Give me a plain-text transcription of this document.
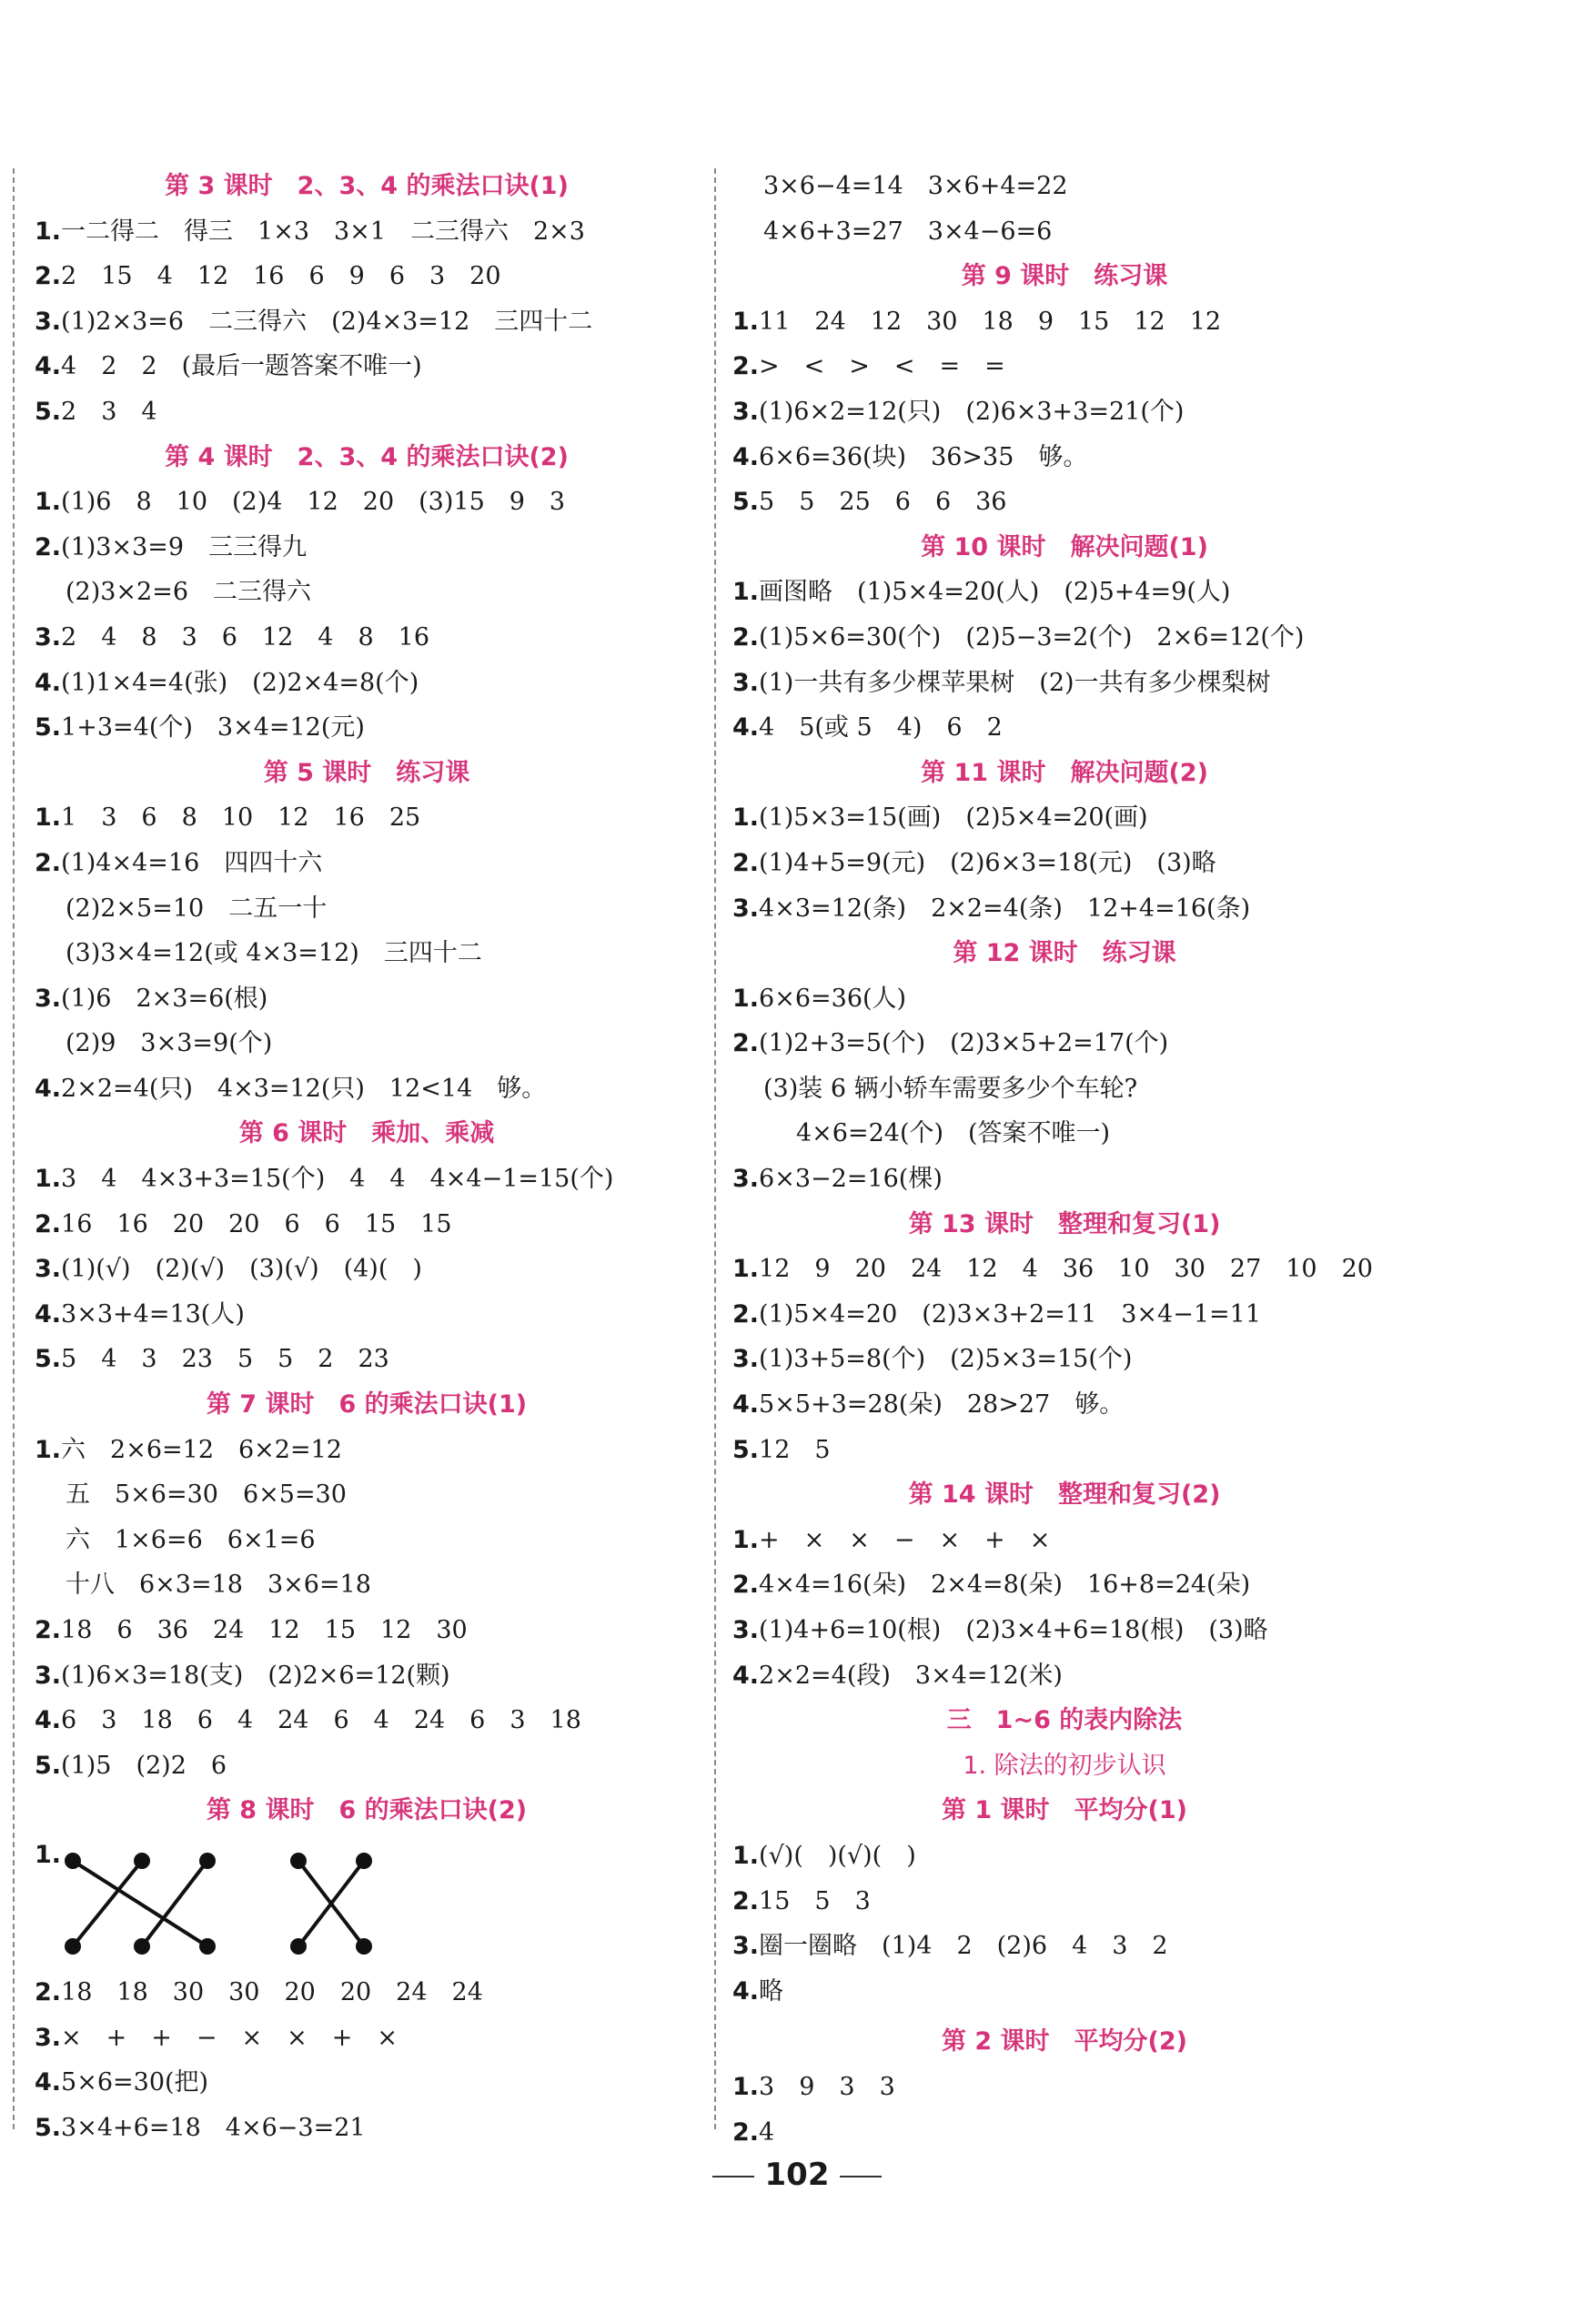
第 3 课时　2、3、4 的乘法口诀(1)
1.一二得二　得三　1×3　3×1　二三得六　2×3
2.2　15　4　12　16　6　9　6　3　20
3.(1)2×3=6　二三得六　(2)4×3=12　三四十二
4.4　2　2　(最后一题答案不唯一)
5.2　3　4
第 4 课时　2、3、4 的乘法口诀(2)
1.(1)6　8　10　(2)4　12　20　(3)15　9　3
2.(1)3×3=9　三三得九
(2)3×2=6　二三得六
3.2　4　8　3　6　12　4　8　16
4.(1)1×4=4(张)　(2)2×4=8(个)
5.1+3=4(个)　3×4=12(元)
第 5 课时　练习课
1.1　3　6　8　10　12　16　25
2.(1)4×4=16　四四十六
(2)2×5=10　二五一十
(3)3×4=12(或 4×3=12)　三四十二
3.(1)6　2×3=6(根)
(2)9　3×3=9(个)
4.2×2=4(只)　4×3=12(只)　12<14　够。
第 6 课时　乘加、乘减
1.3　4　4×3+3=15(个)　4　4　4×4−1=15(个)
2.16　16　20　20　6　6　15　15
3.(1)(√)　(2)(√)　(3)(√)　(4)(　)
4.3×3+4=13(人)
5.5　4　3　23　5　5　2　23
第 7 课时　6 的乘法口诀(1)
1.六　2×6=12　6×2=12
五　5×6=30　6×5=30
六　1×6=6　6×1=6
十八　6×3=18　3×6=18
2.18　6　36　24　12　15　12　30
3.(1)6×3=18(支)　(2)2×6=12(颗)
4.6　3　18　6　4　24　6　4　24　6　3　18
5.(1)5　(2)2　6
第 8 课时　6 的乘法口诀(2)
1.
2.18　18　30　30　20　20　24　24
3.×　+　+　−　×　×　+　×
4.5×6=30(把)
5.3×4+6=18　4×6−3=21
3×6−4=14　3×6+4=22
4×6+3=27　3×4−6=6
第 9 课时　练习课
1.11　24　12　30　18　9　15　12　12
2.>　<　>　<　=　=
3.(1)6×2=12(只)　(2)6×3+3=21(个)
4.6×6=36(块)　36>35　够。
5.5　5　25　6　6　36
第 10 课时　解决问题(1)
1.画图略　(1)5×4=20(人)　(2)5+4=9(人)
2.(1)5×6=30(个)　(2)5−3=2(个)　2×6=12(个)
3.(1)一共有多少棵苹果树　(2)一共有多少棵梨树
4.4　5(或 5　4)　6　2
第 11 课时　解决问题(2)
1.(1)5×3=15(画)　(2)5×4=20(画)
2.(1)4+5=9(元)　(2)6×3=18(元)　(3)略
3.4×3=12(条)　2×2=4(条)　12+4=16(条)
第 12 课时　练习课
1.6×6=36(人)
2.(1)2+3=5(个)　(2)3×5+2=17(个)
(3)装 6 辆小轿车需要多少个车轮?
4×6=24(个)　(答案不唯一)
3.6×3−2=16(棵)
第 13 课时　整理和复习(1)
1.12　9　20　24　12　4　36　10　30　27　10　20
2.(1)5×4=20　(2)3×3+2=11　3×4−1=11
3.(1)3+5=8(个)　(2)5×3=15(个)
4.5×5+3=28(朵)　28>27　够。
5.12　5
第 14 课时　整理和复习(2)
1.+　×　×　−　×　+　×
2.4×4=16(朵)　2×4=8(朵)　16+8=24(朵)
3.(1)4+6=10(根)　(2)3×4+6=18(根)　(3)略
4.2×2=4(段)　3×4=12(米)
三　1~6 的表内除法
1. 除法的初步认识
第 1 课时　平均分(1)
1.(√)(　)(√)(　)
2.15　5　3
3.圈一圈略　(1)4　2　(2)6　4　3　2
4.略
第 2 课时　平均分(2)
1.3　9　3　3
2.4
102
